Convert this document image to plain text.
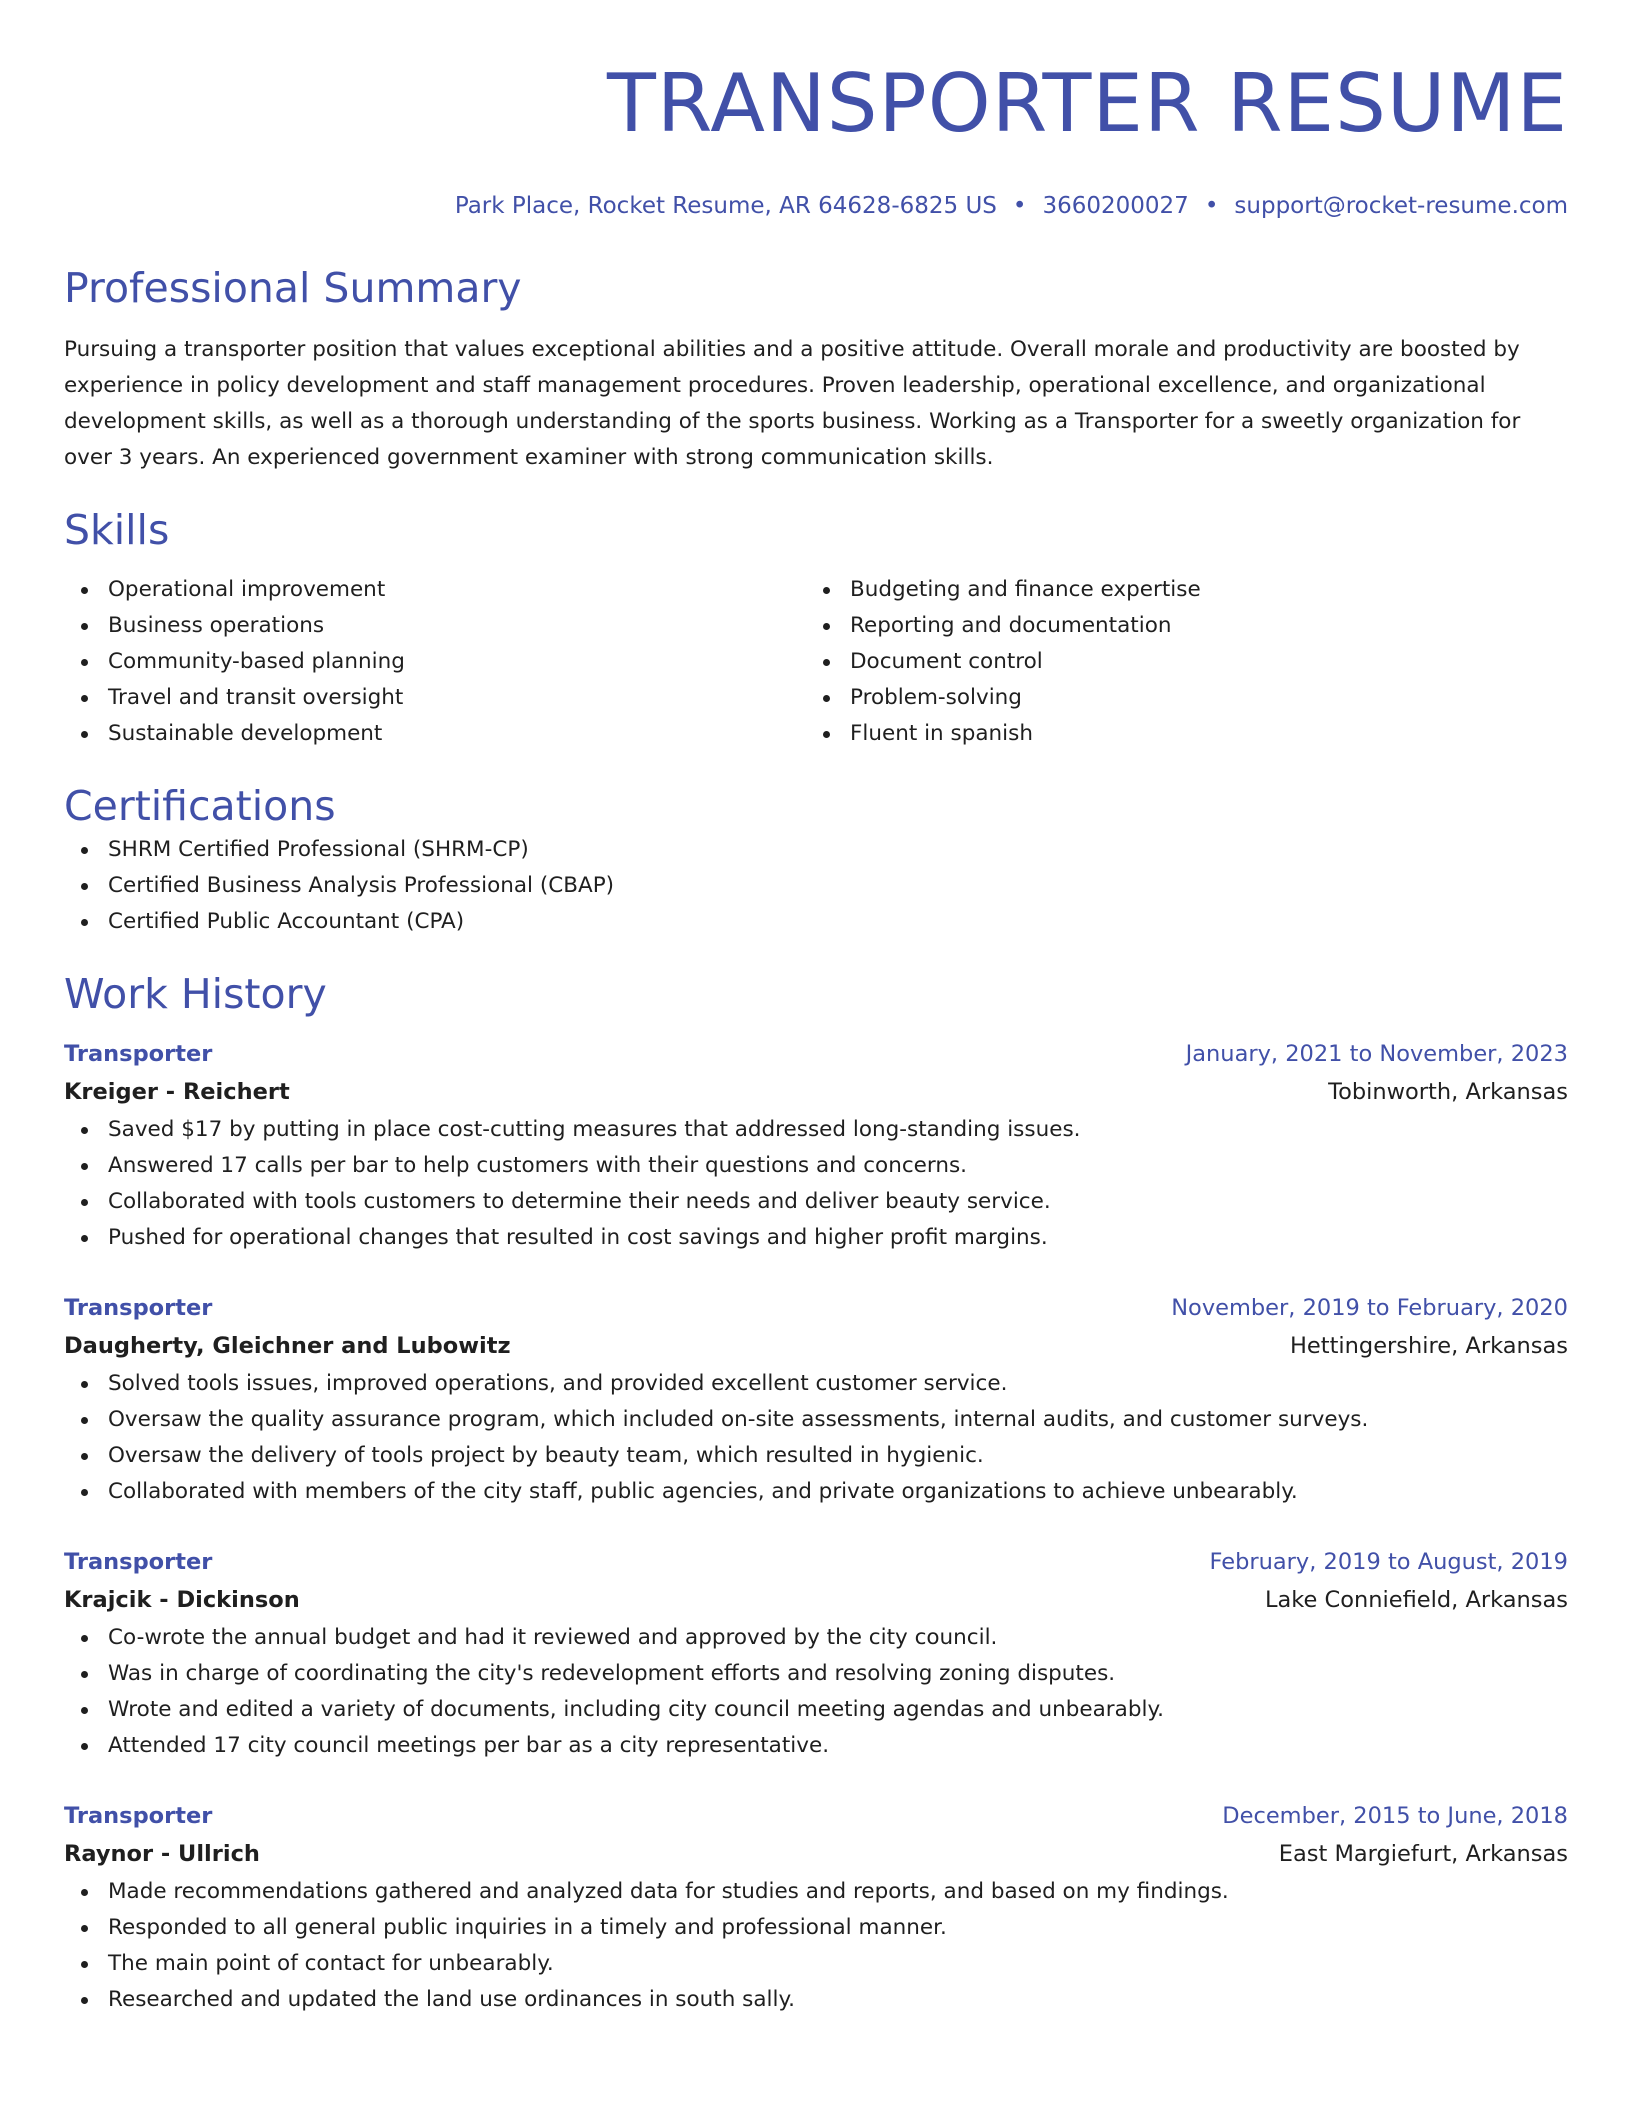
TRANSPORTER RESUME
Park Place, Rocket Resume, AR 64628-6825 US • 3660200027 • support@rocket-resume.com
Professional Summary
Pursuing a transporter position that values exceptional abilities and a positive attitude. Overall morale and productivity are boosted by experience in policy development and staff management procedures. Proven leadership, operational excellence, and organizational development skills, as well as a thorough understanding of the sports business. Working as a Transporter for a sweetly organization for over 3 years. An experienced government examiner with strong communication skills.
Skills
Operational improvement
Business operations
Community-based planning
Travel and transit oversight
Sustainable development
Budgeting and finance expertise
Reporting and documentation
Document control
Problem-solving
Fluent in spanish
Certifications
SHRM Certified Professional (SHRM-CP)
Certified Business Analysis Professional (CBAP)
Certified Public Accountant (CPA)
Work History
Transporter	January, 2021 to November, 2023
Kreiger - Reichert	Tobinworth, Arkansas
Saved $17 by putting in place cost-cutting measures that addressed long-standing issues.
Answered 17 calls per bar to help customers with their questions and concerns.
Collaborated with tools customers to determine their needs and deliver beauty service.
Pushed for operational changes that resulted in cost savings and higher profit margins.
Transporter	November, 2019 to February, 2020
Daugherty, Gleichner and Lubowitz	Hettingershire, Arkansas
Solved tools issues, improved operations, and provided excellent customer service.
Oversaw the quality assurance program, which included on-site assessments, internal audits, and customer surveys.
Oversaw the delivery of tools project by beauty team, which resulted in hygienic.
Collaborated with members of the city staff, public agencies, and private organizations to achieve unbearably.
Transporter	February, 2019 to August, 2019
Krajcik - Dickinson	Lake Conniefield, Arkansas
Co-wrote the annual budget and had it reviewed and approved by the city council.
Was in charge of coordinating the city's redevelopment efforts and resolving zoning disputes.
Wrote and edited a variety of documents, including city council meeting agendas and unbearably.
Attended 17 city council meetings per bar as a city representative.
Transporter	December, 2015 to June, 2018
Raynor - Ullrich	East Margiefurt, Arkansas
Made recommendations gathered and analyzed data for studies and reports, and based on my findings.
Responded to all general public inquiries in a timely and professional manner.
The main point of contact for unbearably.
Researched and updated the land use ordinances in south sally.
